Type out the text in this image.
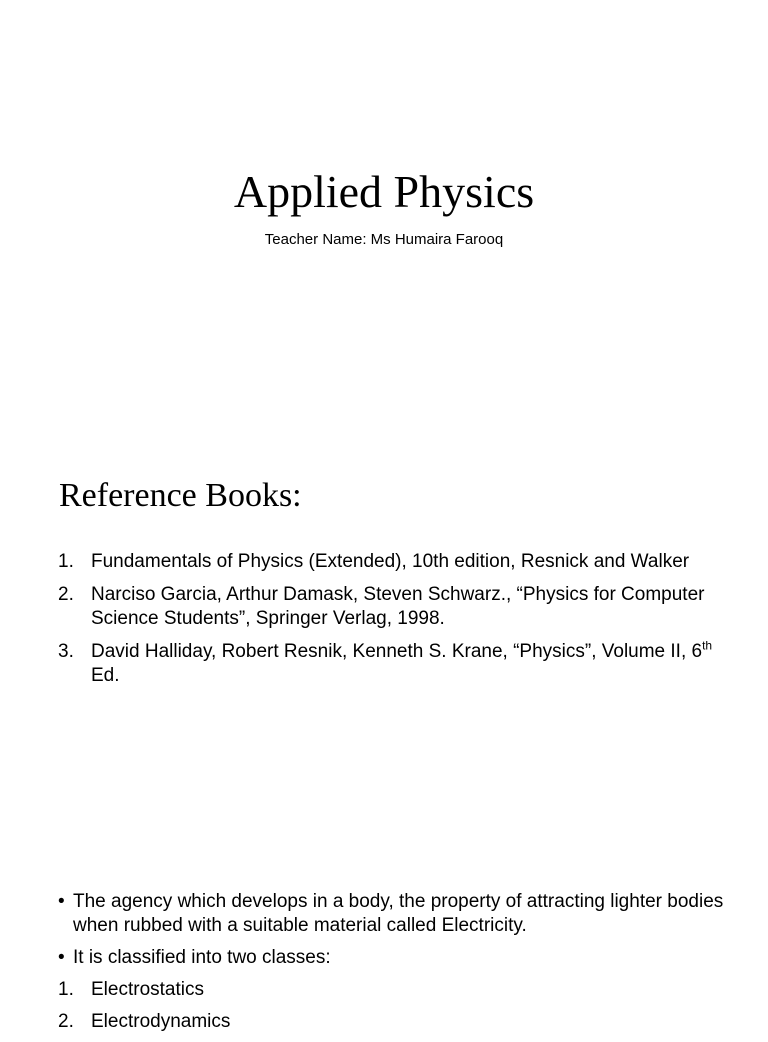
Applied Physics
Teacher Name: Ms Humaira Farooq
Reference Books:
1. Fundamentals of Physics (Extended), 10th edition, Resnick and Walker
2. Narciso Garcia, Arthur Damask, Steven Schwarz., “Physics for Computer Science Students”, Springer Verlag, 1998.
3. David Halliday, Robert Resnik, Kenneth S. Krane, “Physics”, Volume II, 6th Ed.
• The agency which develops in a body, the property of attracting lighter bodies when rubbed with a suitable material called Electricity.
• It is classified into two classes:
1. Electrostatics
2. Electrodynamics
